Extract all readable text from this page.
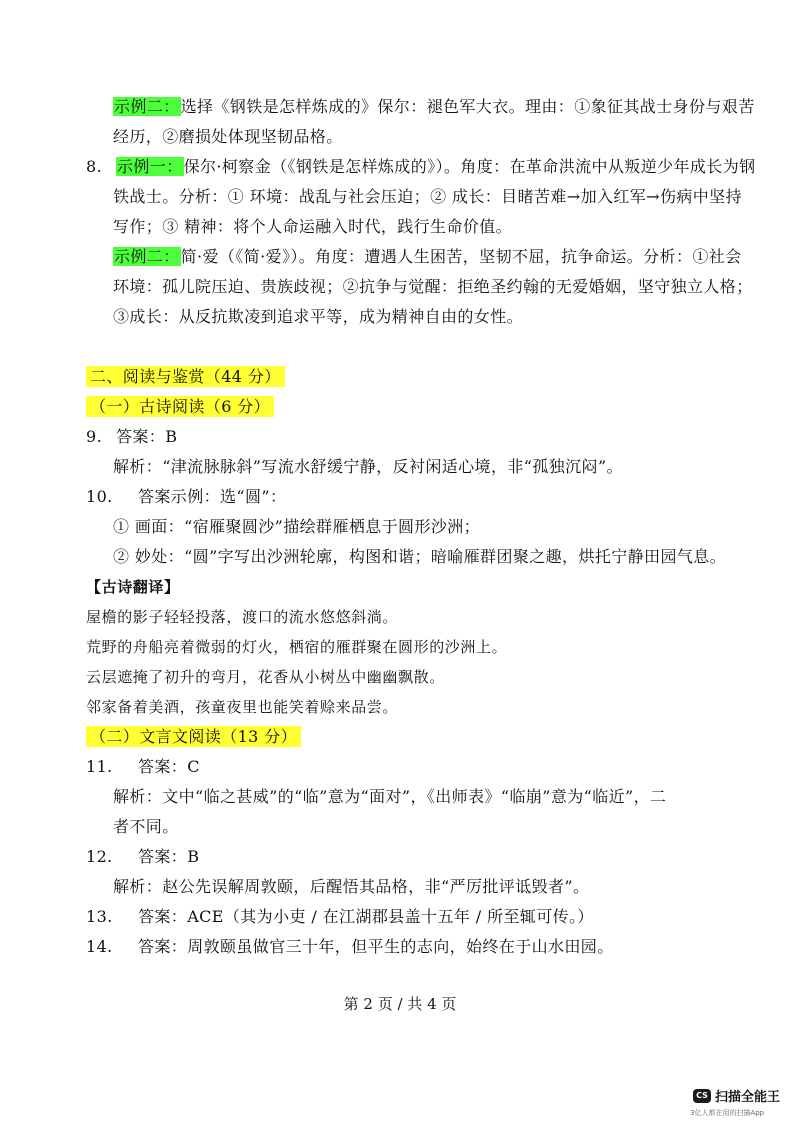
示例二：选择《钢铁是怎样炼成的》保尔：褪色军大衣。理由：①象征其战士身份与艰苦
经历，②磨损处体现坚韧品格。
8. 示例一：保尔·柯察金（《钢铁是怎样炼成的》）。角度：在革命洪流中从叛逆少年成长为钢
铁战士。分析：① 环境：战乱与社会压迫；② 成长：目睹苦难→加入红军→伤病中坚持
写作；③ 精神：将个人命运融入时代，践行生命价值。
示例二：简·爱（《简·爱》）。角度：遭遇人生困苦，坚韧不屈，抗争命运。分析：①社会
环境：孤儿院压迫、贵族歧视；②抗争与觉醒：拒绝圣约翰的无爱婚姻，坚守独立人格；
③成长：从反抗欺凌到追求平等，成为精神自由的女性。
二、阅读与鉴赏（44 分）
（一）古诗阅读（6 分）
9. 答案：B
解析：“津流脉脉斜”写流水舒缓宁静，反衬闲适心境，非“孤独沉闷”。
10. 答案示例：选“圆”：
① 画面：“宿雁聚圆沙”描绘群雁栖息于圆形沙洲；
② 妙处：“圆”字写出沙洲轮廓，构图和谐；暗喻雁群团聚之趣，烘托宁静田园气息。
【古诗翻译】
屋檐的影子轻轻投落，渡口的流水悠悠斜淌。
荒野的舟船亮着微弱的灯火，栖宿的雁群聚在圆形的沙洲上。
云层遮掩了初升的弯月，花香从小树丛中幽幽飘散。
邻家备着美酒，孩童夜里也能笑着赊来品尝。
（二）文言文阅读（13 分）
11. 答案：C
解析：文中“临之甚威”的“临”意为“面对”，《出师表》“临崩”意为“临近”，二
者不同。
12. 答案：B
解析：赵公先误解周敦颐，后醒悟其品格，非“严厉批评诋毁者”。
13. 答案：ACE（其为小吏 / 在江湖郡县盖十五年 / 所至辄可传。）
14. 答案：周敦颐虽做官三十年，但平生的志向，始终在于山水田园。
第 2 页 / 共 4 页
CS 扫描全能王
3亿人都在用的扫描App
